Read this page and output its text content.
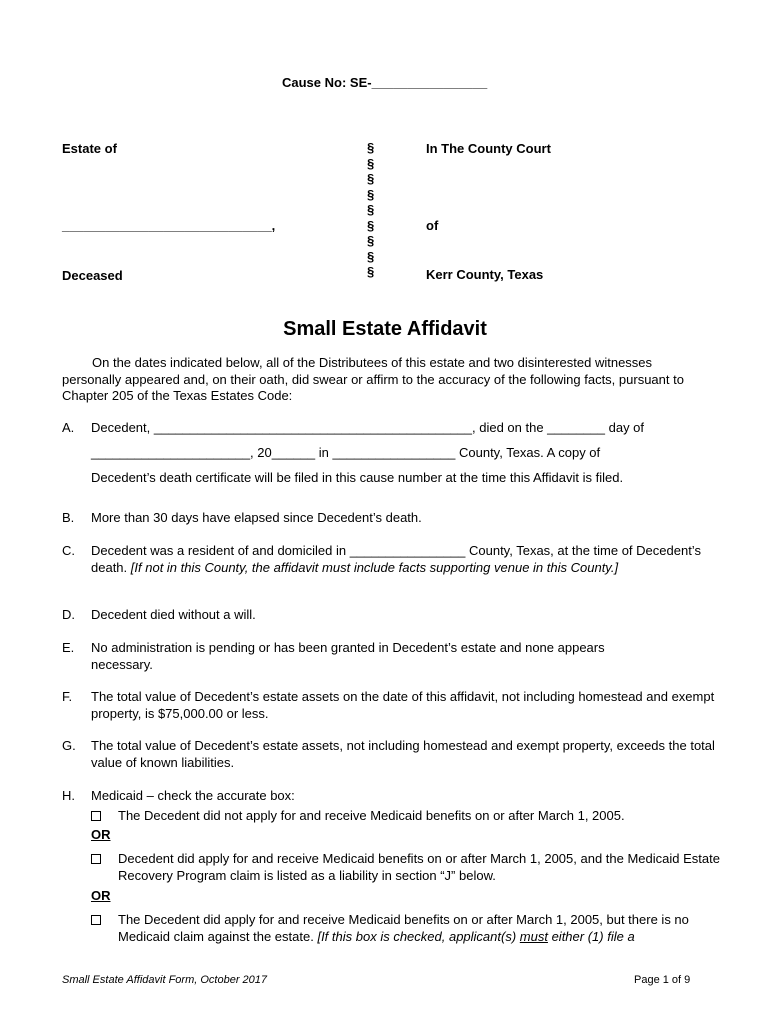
Cause No: SE-________________
Estate of
_____________________________,
Deceased
§
§
§
§
§
§
§
§
§
In The County Court
of
Kerr County, Texas
Small Estate Affidavit
On the dates indicated below, all of the Distributees of this estate and two disinterested witnesses personally appeared and, on their oath, did swear or affirm to the accuracy of the following facts, pursuant to Chapter 205 of the Texas Estates Code:
A. Decedent, ____________________________________________, died on the ________ day of
______________________, 20______ in _________________ County, Texas. A copy of
Decedent’s death certificate will be filed in this cause number at the time this Affidavit is filed.
B. More than 30 days have elapsed since Decedent’s death.
C. Decedent was a resident of and domiciled in ________________ County, Texas, at the time of Decedent’s death. [If not in this County, the affidavit must include facts supporting venue in this County.]
D. Decedent died without a will.
E. No administration is pending or has been granted in Decedent’s estate and none appears necessary.
F. The total value of Decedent’s estate assets on the date of this affidavit, not including homestead and exempt property, is $75,000.00 or less.
G. The total value of Decedent’s estate assets, not including homestead and exempt property, exceeds the total value of known liabilities.
H. Medicaid – check the accurate box:
The Decedent did not apply for and receive Medicaid benefits on or after March 1, 2005.
OR
Decedent did apply for and receive Medicaid benefits on or after March 1, 2005, and the Medicaid Estate Recovery Program claim is listed as a liability in section “J” below.
OR
The Decedent did apply for and receive Medicaid benefits on or after March 1, 2005, but there is no Medicaid claim against the estate. [If this box is checked, applicant(s) must either (1) file a
Small Estate Affidavit Form, October 2017	Page 1 of 9
